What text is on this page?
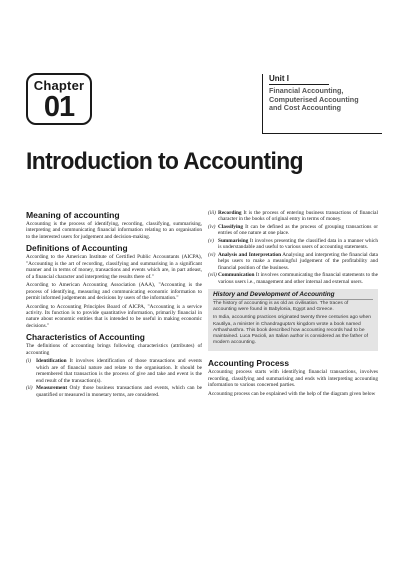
Chapter
01
Unit I
Financial Accounting,
Computerised Accounting
and Cost Accounting
Introduction to Accounting
Meaning of accounting

Accounting is the process of identifying, recording, classifying, summarising, interpreting and communicating financial information relating to an organisation to the interested users for judgement and decision-making.

Definitions of Accounting

According to the American Institute of Certified Public Accountants (AICPA), "Accounting is the art of recording, classifying and summarising in a significant manner and in terms of money, transactions and events which are, in part atleast, of a financial character and interpreting the results there of."

According to American Accounting Association (AAA), "Accounting is the process of identifying, measuring and communicating economic information to permit informed judgements and decisions by users of the information."

According to Accounting Principles Board of AICPA, "Accounting is a service activity. Its function is to provide quantitative information, primarily financial in nature about economic entities that is intended to be useful in making economic decisions."

Characteristics of Accounting

The definitions of accounting brings following characteristics (attributes) of accounting

(i) Identification It involves identification of those transactions and events which are of financial nature and relate to the organisation. It should be remembered that transaction is the process of give and take and event is the end result of the transaction(s).
(ii) Measurement Only those business transactions and events, which can be quantified or measured in monetary terms, are considered.
(iii) Recording It is the process of entering business transactions of financial character in the books of original entry in terms of money.
(iv) Classifying It can be defined as the process of grouping transactions or entries of one nature at one place.
(v) Summarising It involves presenting the classified data in a manner which is understandable and useful to various users of accounting statements.
(vi) Analysis and Interpretation Analysing and interpreting the financial data helps users to make a meaningful judgement of the profitability and financial position of the business.
(vii) Communication It involves communicating the financial statements to the various users i.e., management and other internal and external users.
History and Development of Accounting

The history of accounting is as old as civilisation. The traces of accounting were found in Babylonia, Egypt and Greece.

In India, accounting practices originated twenty three centuries ago when Kautilya, a minister in Chandragupta's kingdom wrote a book named Arthashasthra. This book described how accounting records had to be maintained. Luca Pacioli, an Italian author is considered as the father of modern accounting.

Accounting Process

Accounting process starts with identifying financial transactions, involves recording, classifying and summarising and ends with interpreting accounting information to various concerned parties.

Accounting process can be explained with the help of the diagram given below
